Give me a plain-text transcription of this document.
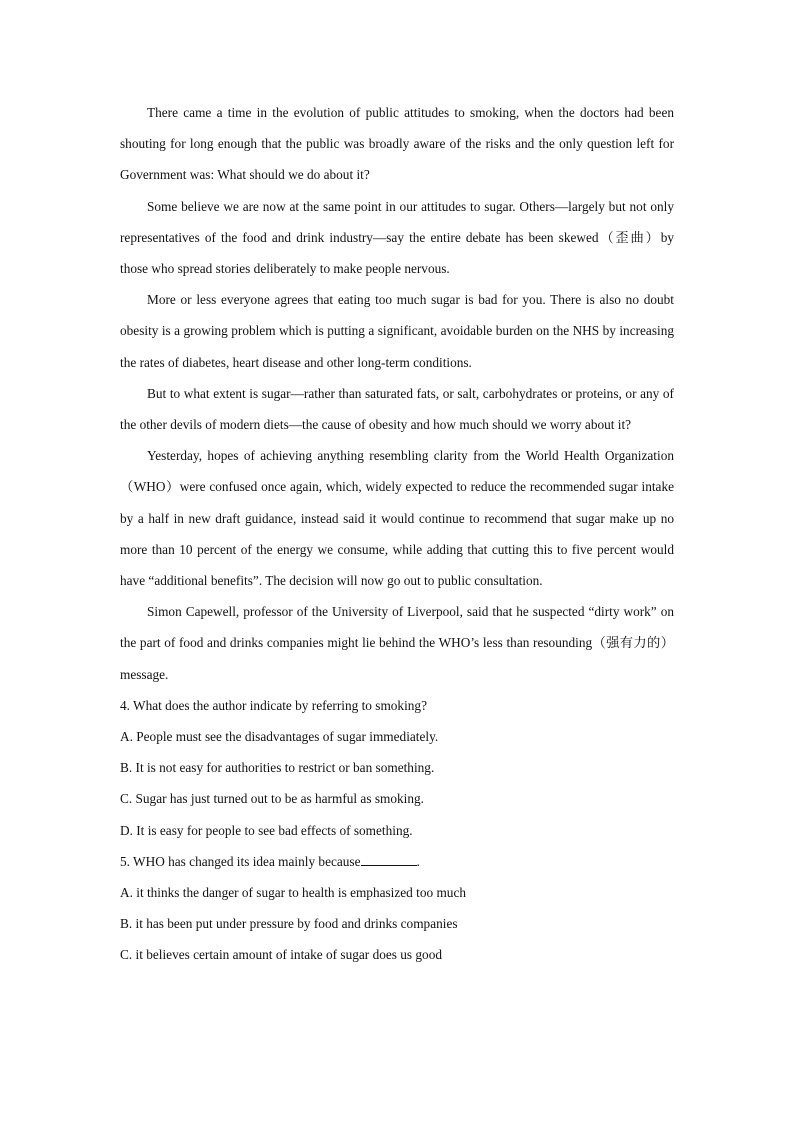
There came a time in the evolution of public attitudes to smoking, when the doctors had been shouting for long enough that the public was broadly aware of the risks and the only question left for Government was: What should we do about it?

Some believe we are now at the same point in our attitudes to sugar. Others—largely but not only representatives of the food and drink industry—say the entire debate has been skewed（歪曲）by those who spread stories deliberately to make people nervous.

More or less everyone agrees that eating too much sugar is bad for you. There is also no doubt obesity is a growing problem which is putting a significant, avoidable burden on the NHS by increasing the rates of diabetes, heart disease and other long-term conditions.

But to what extent is sugar—rather than saturated fats, or salt, carbohydrates or proteins, or any of the other devils of modern diets—the cause of obesity and how much should we worry about it?

Yesterday, hopes of achieving anything resembling clarity from the World Health Organization（WHO）were confused once again, which, widely expected to reduce the recommended sugar intake by a half in new draft guidance, instead said it would continue to recommend that sugar make up no more than 10 percent of the energy we consume, while adding that cutting this to five percent would have “additional benefits”. The decision will now go out to public consultation.

Simon Capewell, professor of the University of Liverpool, said that he suspected “dirty work” on the part of food and drinks companies might lie behind the WHO’s less than resounding（强有力的）message.

4. What does the author indicate by referring to smoking?

A. People must see the disadvantages of sugar immediately.

B. It is not easy for authorities to restrict or ban something.

C. Sugar has just turned out to be as harmful as smoking.

D. It is easy for people to see bad effects of something.

5. WHO has changed its idea mainly because	.

A. it thinks the danger of sugar to health is emphasized too much

B. it has been put under pressure by food and drinks companies

C. it believes certain amount of intake of sugar does us good
